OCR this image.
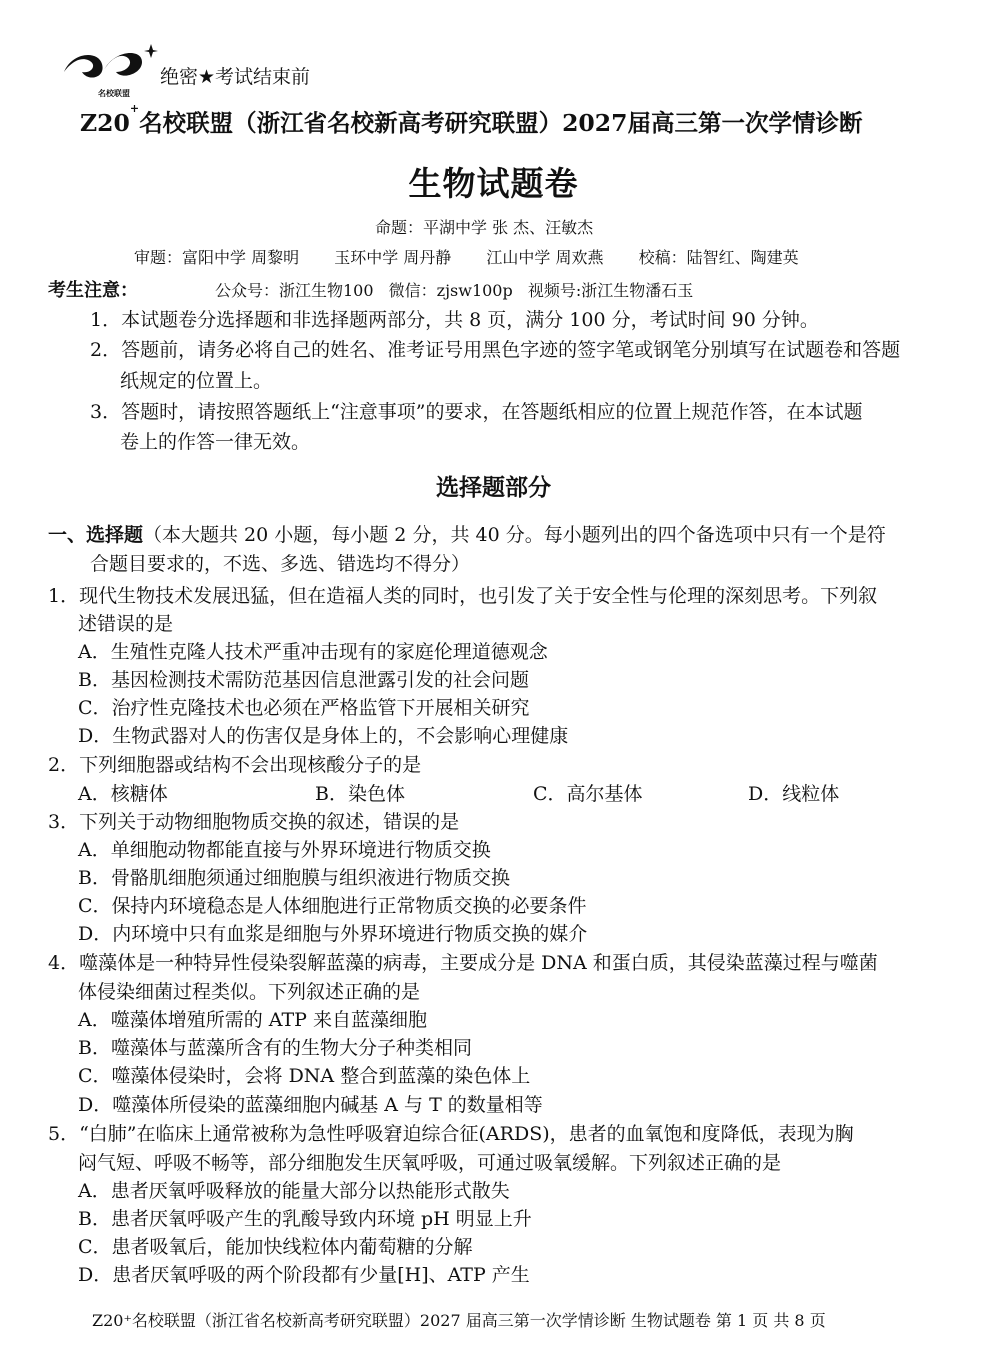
名校联盟
绝密★考试结束前
Z20+名校联盟（浙江省名校新高考研究联盟）2027届高三第一次学情诊断
生物试题卷
命题：平湖中学 张 杰、汪敏杰
审题：富阳中学 周黎明 玉环中学 周丹静 江山中学 周欢燕 校稿：陆智红、陶建英
考生注意：	公众号：浙江生物100 微信：zjsw100p 视频号:浙江生物潘石玉
1．本试题卷分选择题和非选择题两部分，共 8 页，满分 100 分，考试时间 90 分钟。
2．答题前，请务必将自己的姓名、准考证号用黑色字迹的签字笔或钢笔分别填写在试题卷和答题
纸规定的位置上。
3．答题时，请按照答题纸上“注意事项”的要求，在答题纸相应的位置上规范作答，在本试题
卷上的作答一律无效。
选择题部分
一、选择题（本大题共 20 小题，每小题 2 分，共 40 分。每小题列出的四个备选项中只有一个是符
合题目要求的，不选、多选、错选均不得分）
1．现代生物技术发展迅猛，但在造福人类的同时，也引发了关于安全性与伦理的深刻思考。下列叙
述错误的是
A．生殖性克隆人技术严重冲击现有的家庭伦理道德观念
B．基因检测技术需防范基因信息泄露引发的社会问题
C．治疗性克隆技术也必须在严格监管下开展相关研究
D．生物武器对人的伤害仅是身体上的，不会影响心理健康
2．下列细胞器或结构不会出现核酸分子的是
A．核糖体	B．染色体	C．高尔基体	D．线粒体
3．下列关于动物细胞物质交换的叙述，错误的是
A．单细胞动物都能直接与外界环境进行物质交换
B．骨骼肌细胞须通过细胞膜与组织液进行物质交换
C．保持内环境稳态是人体细胞进行正常物质交换的必要条件
D．内环境中只有血浆是细胞与外界环境进行物质交换的媒介
4．噬藻体是一种特异性侵染裂解蓝藻的病毒，主要成分是 DNA 和蛋白质，其侵染蓝藻过程与噬菌
体侵染细菌过程类似。下列叙述正确的是
A．噬藻体增殖所需的 ATP 来自蓝藻细胞
B．噬藻体与蓝藻所含有的生物大分子种类相同
C．噬藻体侵染时，会将 DNA 整合到蓝藻的染色体上
D．噬藻体所侵染的蓝藻细胞内碱基 A 与 T 的数量相等
5．“白肺”在临床上通常被称为急性呼吸窘迫综合征(ARDS)，患者的血氧饱和度降低，表现为胸
闷气短、呼吸不畅等，部分细胞发生厌氧呼吸，可通过吸氧缓解。下列叙述正确的是
A．患者厌氧呼吸释放的能量大部分以热能形式散失
B．患者厌氧呼吸产生的乳酸导致内环境 pH 明显上升
C．患者吸氧后，能加快线粒体内葡萄糖的分解
D．患者厌氧呼吸的两个阶段都有少量[H]、ATP 产生
Z20⁺名校联盟（浙江省名校新高考研究联盟）2027 届高三第一次学情诊断 生物试题卷 第 1 页 共 8 页
